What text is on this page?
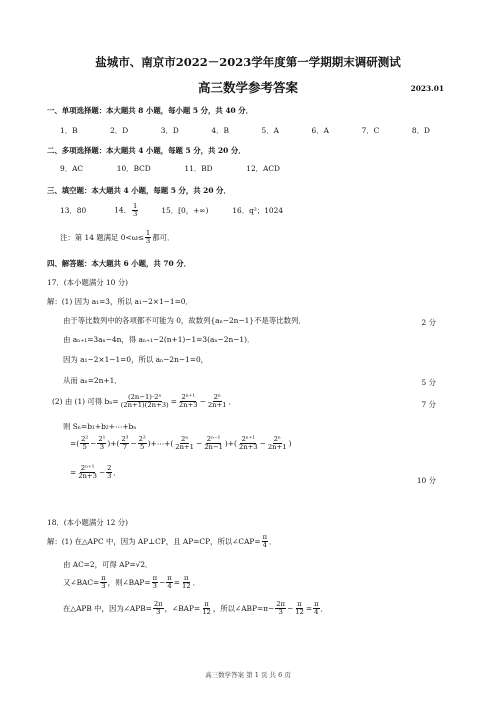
盐城市、南京市2022－2023学年度第一学期期末调研测试
高三数学参考答案	2023.01
一、单项选择题：本大题共 8 小题，每小题 5 分，共 40 分．
1．B	2．D	3．D	4．B	5．A	6．A	7．C	8．D
二、多项选择题：本大题共 4 小题，每题 5 分，共 20 分．
9．AC	10．BCD	11．BD	12．ACD
三、填空题：本大题共 4 小题，每题 5 分，共 20 分．
13．80	14． $\frac{1}{3}$	15．[0，+∞)	16．q²；1024
注：第 14 题满足 $0<\omega\le \frac{1}{3}$ 都可．
四、解答题：本大题共 6 小题，共 70 分．
17．(本小题满分 10 分)
解：(1) 因为 a₁=3，所以 a₁−2×1−1=0．
由于等比数列中的各项都不可能为 0，故数列{aₙ−2n−1}不是等比数列．	2 分
由 aₙ₊₁=3aₙ−4n，得 aₙ₊₁−2(n+1)−1=3(aₙ−2n−1)．
因为 a₁−2×1−1=0，所以 aₙ−2n−1=0，
从而 aₙ=2n+1．	5 分
(2) 由 (1) 可得 $b_n= \frac{\text{(2n−1)·2ⁿ}}{(2n+1)(2n+3)} = \frac{\text{2ⁿ⁺¹}}{2n+3} - \frac{\text{2ⁿ}}{2n+1}$ ．	7 分
则 Sₙ=b₁+b₂+⋯+bₙ
=( $\frac{\text{2²}}{5} - \frac{\text{2¹}}{3}$ )+( $\frac{\text{2³}}{7} - \frac{\text{2²}}{5}$ )+⋯+( $\frac{\text{2ⁿ}}{2n+1} - \frac{\text{2ⁿ⁻¹}}{2n-1}$ )+( $\frac{\text{2ⁿ⁺¹}}{2n+3} - \frac{\text{2ⁿ}}{2n+1}$ )
= $\frac{\text{2ⁿ⁺¹}}{2n+3} - \frac{2}{3}$ ．
10 分
18．(本小题满分 12 分)
解：(1) 在△APC 中，因为 AP⊥CP，且 AP=CP，所以∠CAP= $\frac{\pi}{4}$ ．
由 AC=2，可得 AP=√2．
又∠BAC= $\frac{\pi}{3}$ ，则∠BAP= $\frac{\pi}{3} - \frac{\pi}{4} = \frac{\pi}{12}$ ．
在△APB 中，因为∠APB= $\frac{2\pi}{3}$ ，∠BAP= $\frac{\pi}{12}$ ，所以∠ABP=π− $\frac{2\pi}{3} - \frac{\pi}{12} = \frac{\pi}{4}$ ．
高三数学答案 第 1 页 共 6 页
